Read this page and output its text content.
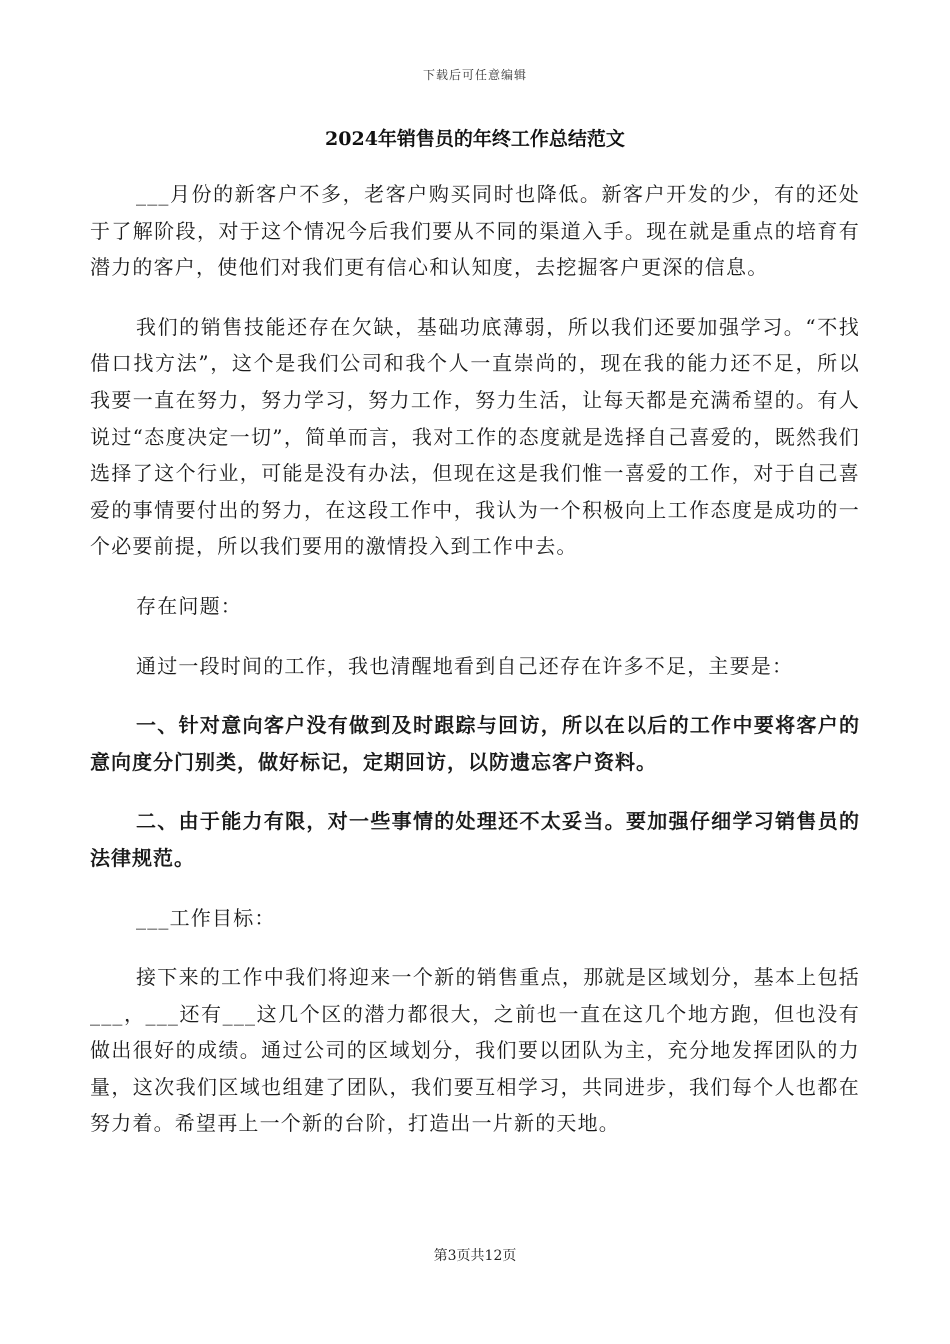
下载后可任意编辑
2024年销售员的年终工作总结范文

___月份的新客户不多，老客户购买同时也降低。新客户开发的少，有的还处于了解阶段，对于这个情况今后我们要从不同的渠道入手。现在就是重点的培育有潜力的客户，使他们对我们更有信心和认知度，去挖掘客户更深的信息。

我们的销售技能还存在欠缺，基础功底薄弱，所以我们还要加强学习。“不找借口找方法”，这个是我们公司和我个人一直崇尚的，现在我的能力还不足，所以我要一直在努力，努力学习，努力工作，努力生活，让每天都是充满希望的。有人说过“态度决定一切”，简单而言，我对工作的态度就是选择自己喜爱的，既然我们选择了这个行业，可能是没有办法，但现在这是我们惟一喜爱的工作，对于自己喜爱的事情要付出的努力，在这段工作中，我认为一个积极向上工作态度是成功的一个必要前提，所以我们要用的激情投入到工作中去。

存在问题：

通过一段时间的工作，我也清醒地看到自己还存在许多不足，主要是：

一、针对意向客户没有做到及时跟踪与回访，所以在以后的工作中要将客户的意向度分门别类，做好标记，定期回访，以防遗忘客户资料。

二、由于能力有限，对一些事情的处理还不太妥当。要加强仔细学习销售员的法律规范。

___工作目标：

接下来的工作中我们将迎来一个新的销售重点，那就是区域划分，基本上包括___，___还有___这几个区的潜力都很大，之前也一直在这几个地方跑，但也没有做出很好的成绩。通过公司的区域划分，我们要以团队为主，充分地发挥团队的力量，这次我们区域也组建了团队，我们要互相学习，共同进步，我们每个人也都在努力着。希望再上一个新的台阶，打造出一片新的天地。

第3页共12页
